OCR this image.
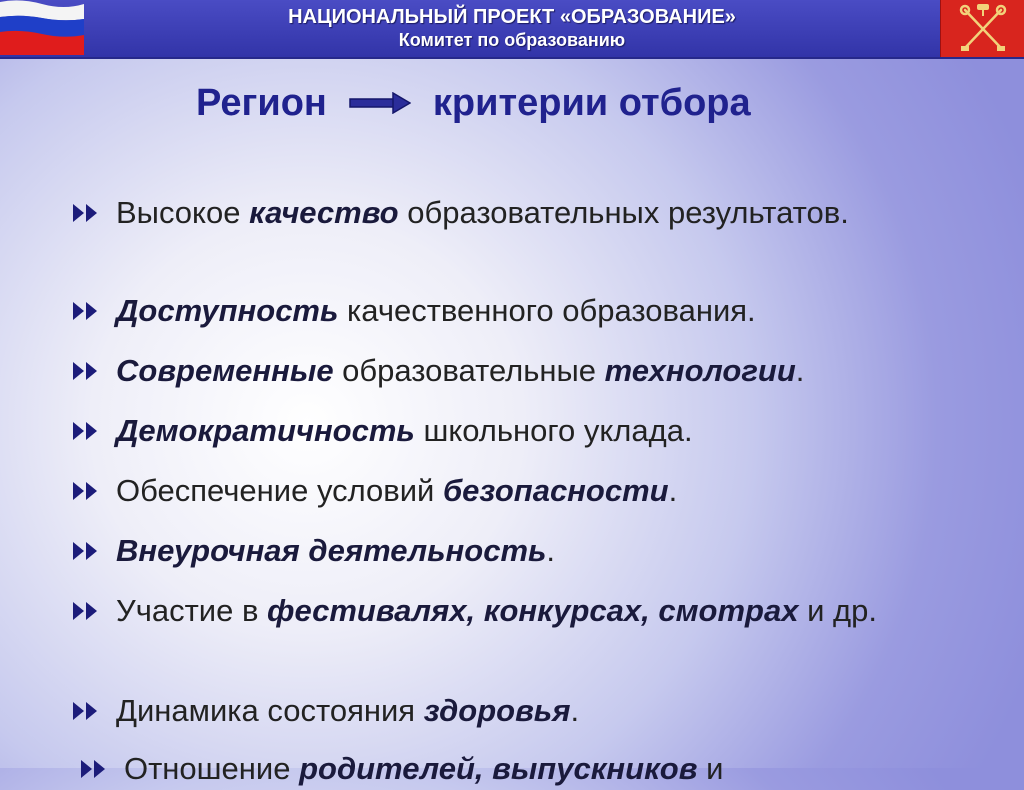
НАЦИОНАЛЬНЫЙ ПРОЕКТ «ОБРАЗОВАНИЕ»
Комитет по образованию
Регион	критерии отбора
Высокое качество образовательных результатов.
Доступность качественного образования.
Современные образовательные технологии.
Демократичность школьного уклада.
Обеспечение условий безопасности.
Внеурочная деятельность.
Участие в фестивалях, конкурсах, смотрах и др.
Динамика состояния здоровья.
Отношение родителей, выпускников и
